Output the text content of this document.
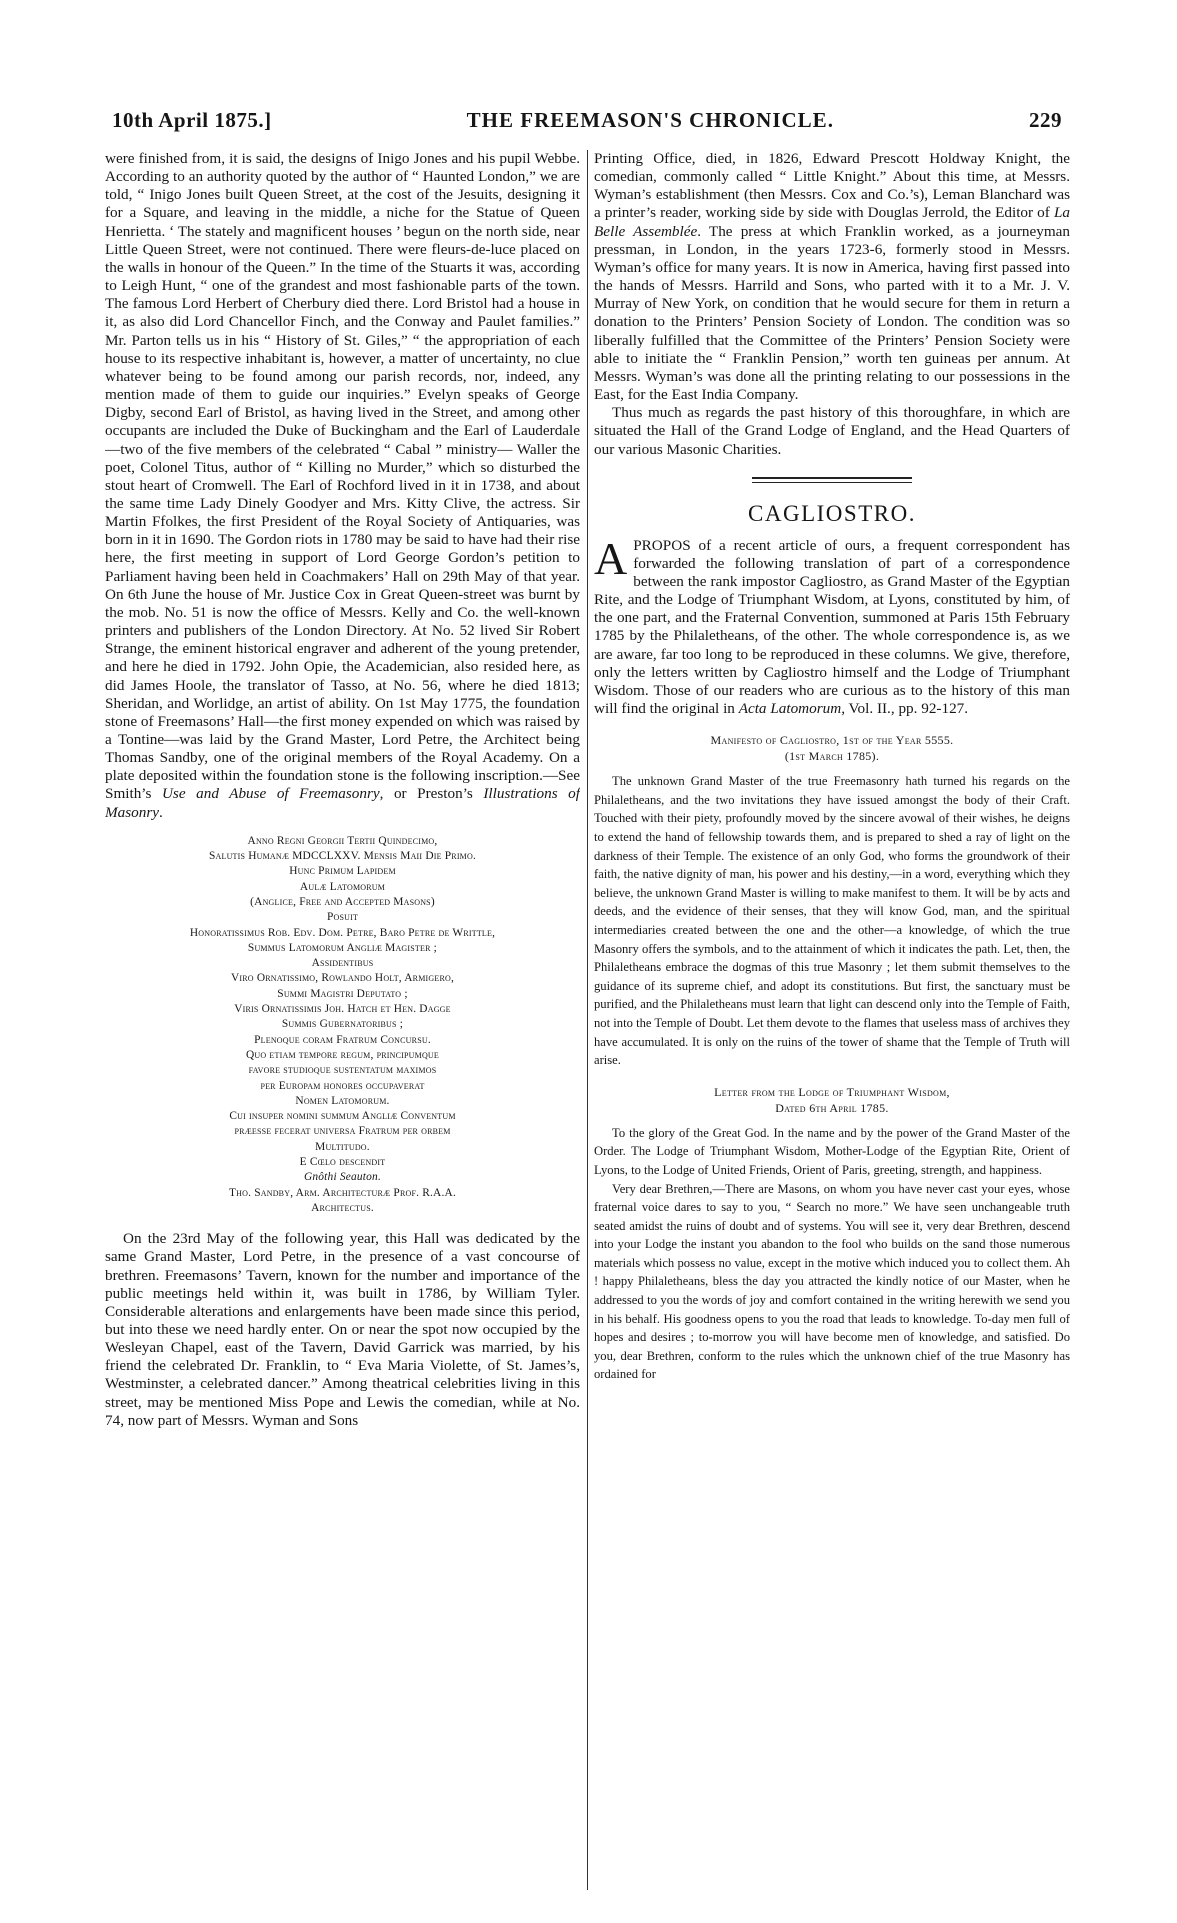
10th April 1875.]	THE FREEMASON'S CHRONICLE.	229

were finished from, it is said, the designs of Inigo Jones and his pupil Webbe. According to an authority quoted by the author of “ Haunted London,” we are told, “ Inigo Jones built Queen Street, at the cost of the Jesuits, designing it for a Square, and leaving in the middle, a niche for the Statue of Queen Henrietta. ‘ The stately and magnificent houses ’ begun on the north side, near Little Queen Street, were not continued. There were fleurs-de-luce placed on the walls in honour of the Queen.” In the time of the Stuarts it was, according to Leigh Hunt, “ one of the grandest and most fashionable parts of the town. The famous Lord Herbert of Cherbury died there. Lord Bristol had a house in it, as also did Lord Chancellor Finch, and the Conway and Paulet families.” Mr. Parton tells us in his “ History of St. Giles,” “ the appropriation of each house to its respective inhabitant is, however, a matter of uncertainty, no clue whatever being to be found among our parish records, nor, indeed, any mention made of them to guide our inquiries.” Evelyn speaks of George Digby, second Earl of Bristol, as having lived in the Street, and among other occupants are included the Duke of Buckingham and the Earl of Lauderdale—two of the five members of the celebrated “ Cabal ” ministry— Waller the poet, Colonel Titus, author of “ Killing no Murder,” which so disturbed the stout heart of Cromwell. The Earl of Rochford lived in it in 1738, and about the same time Lady Dinely Goodyer and Mrs. Kitty Clive, the actress. Sir Martin Ffolkes, the first President of the Royal Society of Antiquaries, was born in it in 1690. The Gordon riots in 1780 may be said to have had their rise here, the first meeting in support of Lord George Gordon’s petition to Parliament having been held in Coachmakers’ Hall on 29th May of that year. On 6th June the house of Mr. Justice Cox in Great Queen-street was burnt by the mob. No. 51 is now the office of Messrs. Kelly and Co. the well-known printers and publishers of the London Directory. At No. 52 lived Sir Robert Strange, the eminent historical engraver and adherent of the young pretender, and here he died in 1792. John Opie, the Academician, also resided here, as did James Hoole, the translator of Tasso, at No. 56, where he died 1813; Sheridan, and Worlidge, an artist of ability. On 1st May 1775, the foundation stone of Freemasons’ Hall—the first money expended on which was raised by a Tontine—was laid by the Grand Master, Lord Petre, the Architect being Thomas Sandby, one of the original members of the Royal Academy. On a plate deposited within the foundation stone is the following inscription.—See Smith’s Use and Abuse of Freemasonry, or Preston’s Illustrations of Masonry.

Anno Regni Georgii Tertii Quindecimo,
Salutis Humanæ MDCCLXXV. Mensis Maii Die Primo.
Hunc Primum Lapidem
Aulæ Latomorum
(Anglice, Free and Accepted Masons)
Posuit
Honoratissimus Rob. Edv. Dom. Petre, Baro Petre de Writtle,
Summus Latomorum Angliæ Magister ;
Assidentibus
Viro Ornatissimo, Rowlando Holt, Armigero,
Summi Magistri Deputato ;
Viris Ornatissimis Joh. Hatch et Hen. Dagge
Summis Gubernatoribus ;
Plenoque coram Fratrum Concursu.
Quo etiam tempore regum, principumque
favore studioque sustentatum maximos
per Europam honores occupaverat
Nomen Latomorum.
Cui insuper nomini summum Angliæ Conventum
præesse fecerat universa Fratrum per orbem
Multitudo.
E Cœlo descendit
Gnôthi Seauton.
Tho. Sandby, Arm. Architecturæ Prof. R.A.A.
Architectus.

On the 23rd May of the following year, this Hall was dedicated by the same Grand Master, Lord Petre, in the presence of a vast concourse of brethren. Freemasons’ Tavern, known for the number and importance of the public meetings held within it, was built in 1786, by William Tyler. Considerable alterations and enlargements have been made since this period, but into these we need hardly enter. On or near the spot now occupied by the Wesleyan Chapel, east of the Tavern, David Garrick was married, by his friend the celebrated Dr. Franklin, to “ Eva Maria Violette, of St. James’s, Westminster, a celebrated dancer.” Among theatrical celebrities living in this street, may be mentioned Miss Pope and Lewis the comedian, while at No. 74, now part of Messrs. Wyman and Sons

Printing Office, died, in 1826, Edward Prescott Holdway Knight, the comedian, commonly called “ Little Knight.” About this time, at Messrs. Wyman’s establishment (then Messrs. Cox and Co.’s), Leman Blanchard was a printer’s reader, working side by side with Douglas Jerrold, the Editor of La Belle Assemblée. The press at which Franklin worked, as a journeyman pressman, in London, in the years 1723-6, formerly stood in Messrs. Wyman’s office for many years. It is now in America, having first passed into the hands of Messrs. Harrild and Sons, who parted with it to a Mr. J. V. Murray of New York, on condition that he would secure for them in return a donation to the Printers’ Pension Society of London. The condition was so liberally fulfilled that the Committee of the Printers’ Pension Society were able to initiate the “ Franklin Pension,” worth ten guineas per annum. At Messrs. Wyman’s was done all the printing relating to our possessions in the East, for the East India Company.

Thus much as regards the past history of this thoroughfare, in which are situated the Hall of the Grand Lodge of England, and the Head Quarters of our various Masonic Charities.

CAGLIOSTRO.

A PROPOS of a recent article of ours, a frequent correspondent has forwarded the following translation of part of a correspondence between the rank impostor Cagliostro, as Grand Master of the Egyptian Rite, and the Lodge of Triumphant Wisdom, at Lyons, constituted by him, of the one part, and the Fraternal Convention, summoned at Paris 15th February 1785 by the Philaletheans, of the other. The whole correspondence is, as we are aware, far too long to be reproduced in these columns. We give, therefore, only the letters written by Cagliostro himself and the Lodge of Triumphant Wisdom. Those of our readers who are curious as to the history of this man will find the original in Acta Latomorum, Vol. II., pp. 92-127.

Manifesto of Cagliostro, 1st of the Year 5555.
(1st March 1785).

The unknown Grand Master of the true Freemasonry hath turned his regards on the Philaletheans, and the two invitations they have issued amongst the body of their Craft. Touched with their piety, profoundly moved by the sincere avowal of their wishes, he deigns to extend the hand of fellowship towards them, and is prepared to shed a ray of light on the darkness of their Temple. The existence of an only God, who forms the groundwork of their faith, the native dignity of man, his power and his destiny,—in a word, everything which they believe, the unknown Grand Master is willing to make manifest to them. It will be by acts and deeds, and the evidence of their senses, that they will know God, man, and the spiritual intermediaries created between the one and the other—a knowledge, of which the true Masonry offers the symbols, and to the attainment of which it indicates the path. Let, then, the Philaletheans embrace the dogmas of this true Masonry ; let them submit themselves to the guidance of its supreme chief, and adopt its constitutions. But first, the sanctuary must be purified, and the Philaletheans must learn that light can descend only into the Temple of Faith, not into the Temple of Doubt. Let them devote to the flames that useless mass of archives they have accumulated. It is only on the ruins of the tower of shame that the Temple of Truth will arise.

Letter from the Lodge of Triumphant Wisdom,
Dated 6th April 1785.

To the glory of the Great God. In the name and by the power of the Grand Master of the Order. The Lodge of Triumphant Wisdom, Mother-Lodge of the Egyptian Rite, Orient of Lyons, to the Lodge of United Friends, Orient of Paris, greeting, strength, and happiness.

Very dear Brethren,—There are Masons, on whom you have never cast your eyes, whose fraternal voice dares to say to you, “ Search no more.” We have seen unchangeable truth seated amidst the ruins of doubt and of systems. You will see it, very dear Brethren, descend into your Lodge the instant you abandon to the fool who builds on the sand those numerous materials which possess no value, except in the motive which induced you to collect them. Ah ! happy Philaletheans, bless the day you attracted the kindly notice of our Master, when he addressed to you the words of joy and comfort contained in the writing herewith we send you in his behalf. His goodness opens to you the road that leads to knowledge. To-day men full of hopes and desires ; to-morrow you will have become men of knowledge, and satisfied. Do you, dear Brethren, conform to the rules which the unknown chief of the true Masonry has ordained for
